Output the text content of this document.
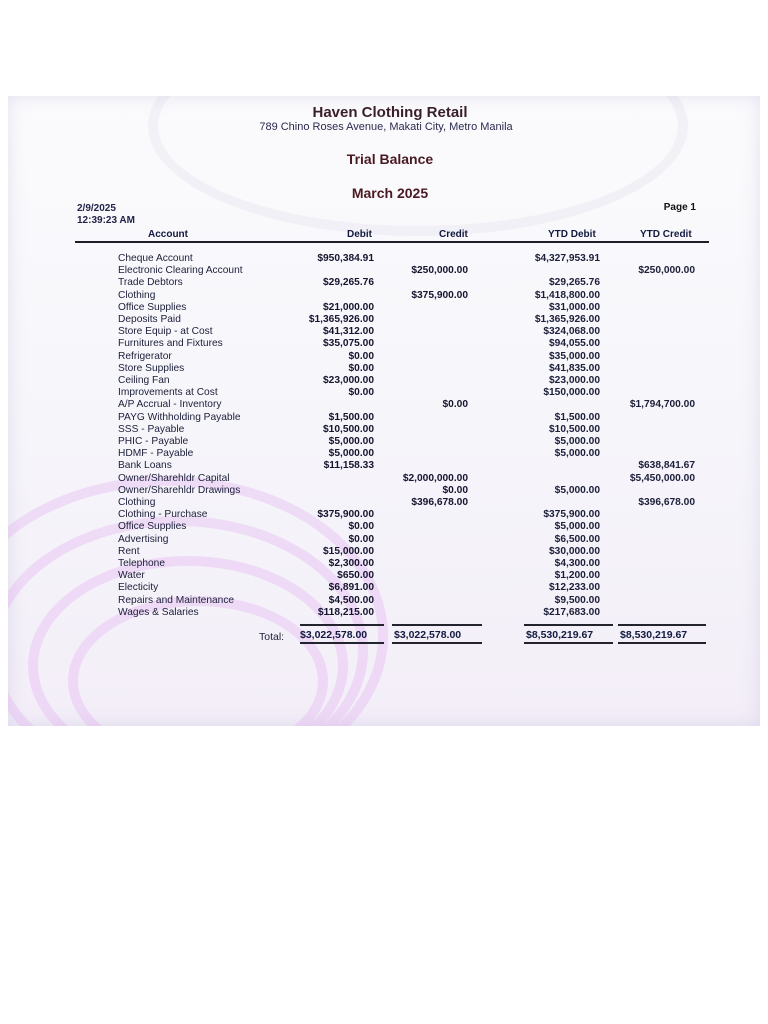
Haven Clothing Retail
789 Chino Roses Avenue, Makati City, Metro Manila
Trial Balance
March 2025
2/9/2025
12:39:23 AM
Page 1
Account	Debit	Credit	YTD Debit	YTD Credit
Cheque Account	$950,384.91		$4,327,953.91	
Electronic Clearing Account		$250,000.00		$250,000.00
Trade Debtors	$29,265.76		$29,265.76	
Clothing		$375,900.00	$1,418,800.00	
Office Supplies	$21,000.00		$31,000.00	
Deposits Paid	$1,365,926.00		$1,365,926.00	
Store Equip - at Cost	$41,312.00		$324,068.00	
Furnitures and Fixtures	$35,075.00		$94,055.00	
Refrigerator	$0.00		$35,000.00	
Store Supplies	$0.00		$41,835.00	
Ceiling Fan	$23,000.00		$23,000.00	
Improvements at Cost	$0.00		$150,000.00	
A/P Accrual - Inventory		$0.00		$1,794,700.00
PAYG Withholding Payable	$1,500.00		$1,500.00	
SSS - Payable	$10,500.00		$10,500.00	
PHIC - Payable	$5,000.00		$5,000.00	
HDMF - Payable	$5,000.00		$5,000.00	
Bank Loans	$11,158.33			$638,841.67
Owner/Sharehldr Capital		$2,000,000.00		$5,450,000.00
Owner/Sharehldr Drawings		$0.00	$5,000.00	
Clothing		$396,678.00		$396,678.00
Clothing - Purchase	$375,900.00		$375,900.00	
Office Supplies	$0.00		$5,000.00	
Advertising	$0.00		$6,500.00	
Rent	$15,000.00		$30,000.00	
Telephone	$2,300.00		$4,300.00	
Water	$650.00		$1,200.00	
Electicity	$6,891.00		$12,233.00	
Repairs and Maintenance	$4,500.00		$9,500.00	
Wages & Salaries	$118,215.00		$217,683.00	
Total: $3,022,578.00	$3,022,578.00	$8,530,219.67	$8,530,219.67
